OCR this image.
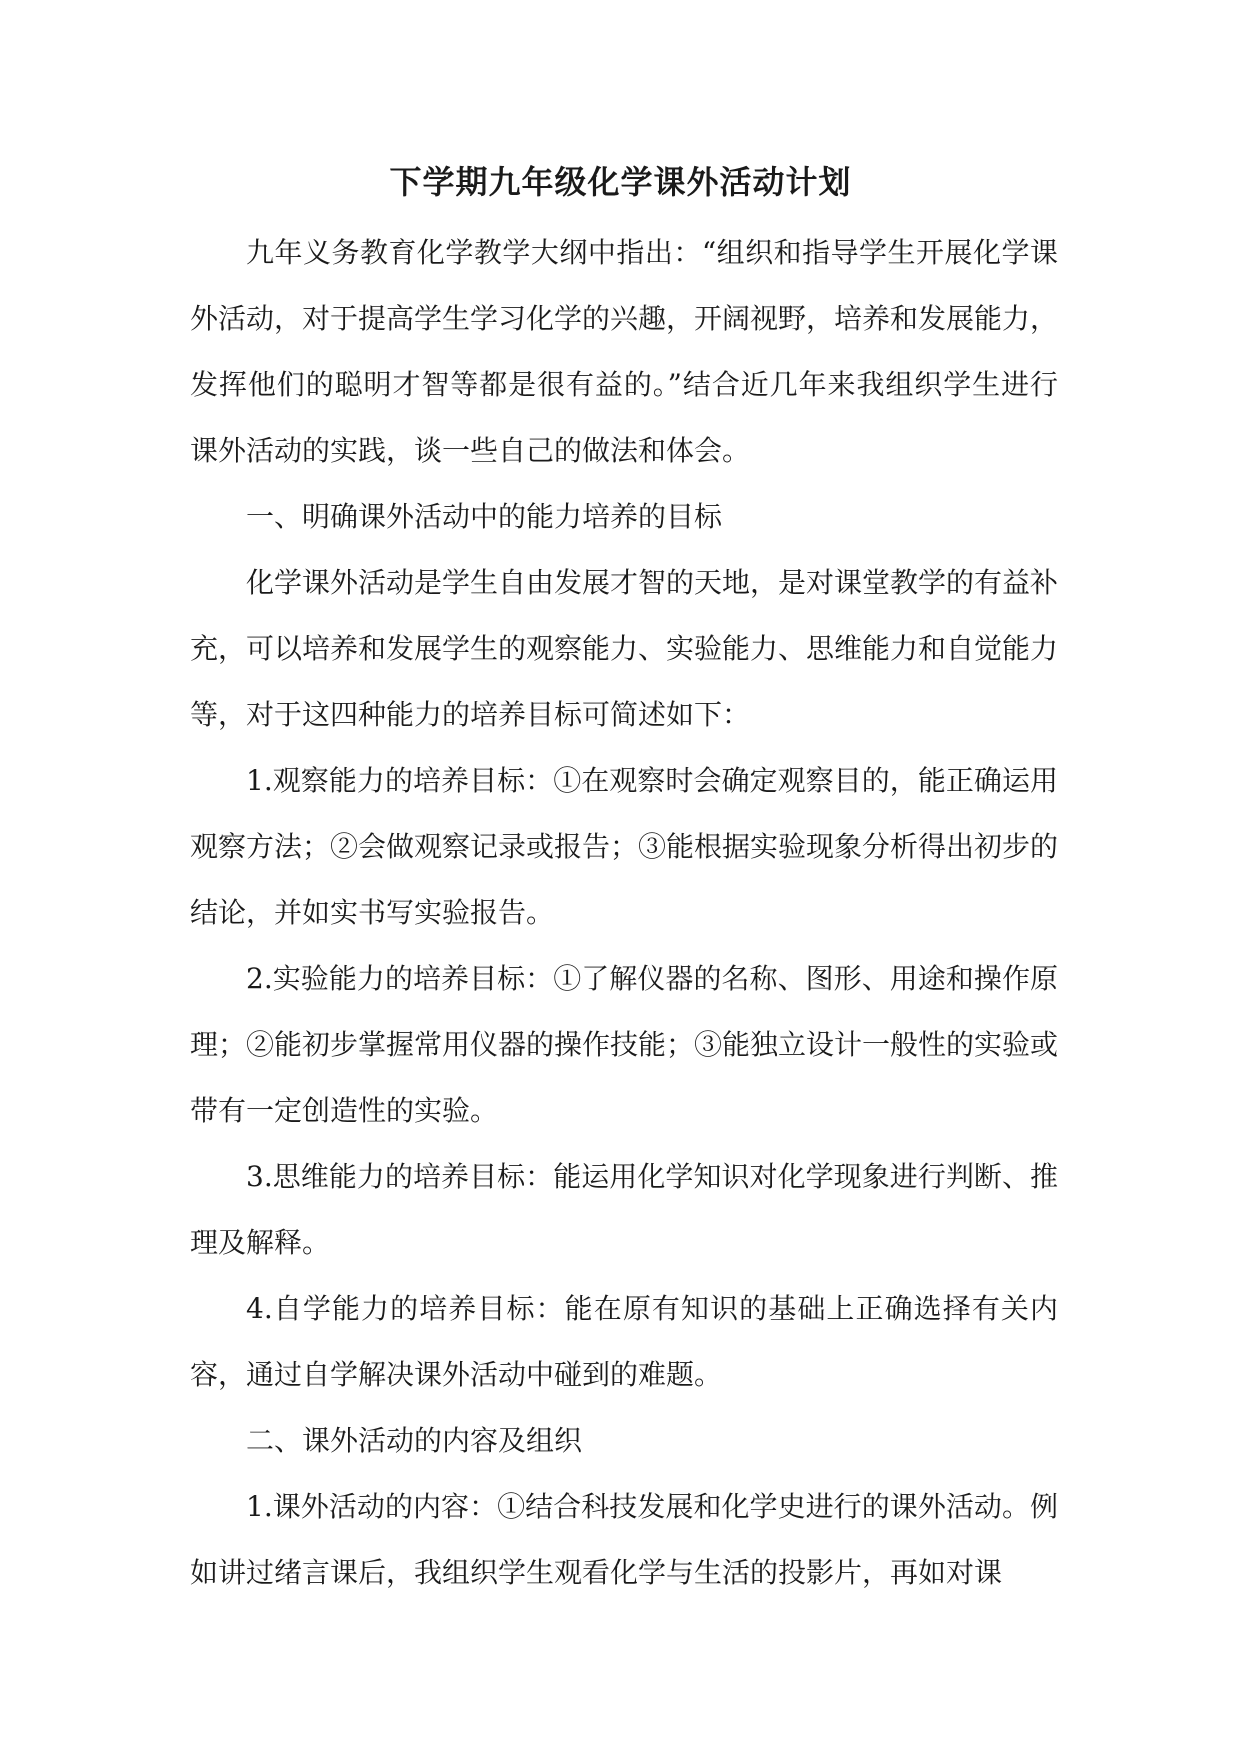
下学期九年级化学课外活动计划

九年义务教育化学教学大纲中指出：“组织和指导学生开展化学课外活动，对于提高学生学习化学的兴趣，开阔视野，培养和发展能力，发挥他们的聪明才智等都是很有益的。”结合近几年来我组织学生进行课外活动的实践，谈一些自己的做法和体会。

一、明确课外活动中的能力培养的目标

化学课外活动是学生自由发展才智的天地，是对课堂教学的有益补充，可以培养和发展学生的观察能力、实验能力、思维能力和自觉能力等，对于这四种能力的培养目标可简述如下：

1.观察能力的培养目标：①在观察时会确定观察目的，能正确运用观察方法；②会做观察记录或报告；③能根据实验现象分析得出初步的结论，并如实书写实验报告。

2.实验能力的培养目标：①了解仪器的名称、图形、用途和操作原理；②能初步掌握常用仪器的操作技能；③能独立设计一般性的实验或带有一定创造性的实验。

3.思维能力的培养目标：能运用化学知识对化学现象进行判断、推理及解释。

4.自学能力的培养目标：能在原有知识的基础上正确选择有关内容，通过自学解决课外活动中碰到的难题。

二、课外活动的内容及组织

1.课外活动的内容：①结合科技发展和化学史进行的课外活动。例如讲过绪言课后，我组织学生观看化学与生活的投影片，再如对课
